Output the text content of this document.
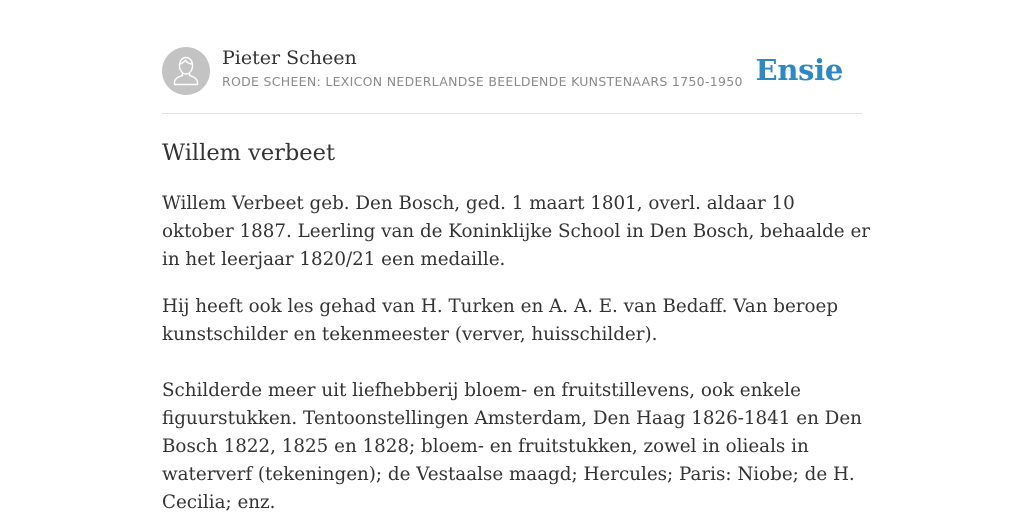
Pieter Scheen
RODE SCHEEN: LEXICON NEDERLANDSE BEELDENDE KUNSTENAARS 1750-1950 Ensie
Willem verbeet

Willem Verbeet geb. Den Bosch, ged. 1 maart 1801, overl. aldaar 10 oktober 1887. Leerling van de Koninklijke School in Den Bosch, behaalde er in het leerjaar 1820/21 een medaille.

Hij heeft ook les gehad van H. Turken en A. A. E. van Bedaff. Van beroep kunstschilder en tekenmeester (verver, huisschilder).

Schilderde meer uit liefhebberij bloem- en fruitstillevens, ook enkele figuurstukken. Tentoonstellingen Amsterdam, Den Haag 1826-1841 en Den Bosch 1822, 1825 en 1828; bloem- en fruitstukken, zowel in olieals in waterverf (tekeningen); de Vestaalse maagd; Hercules; Paris: Niobe; de H. Cecilia; enz.
